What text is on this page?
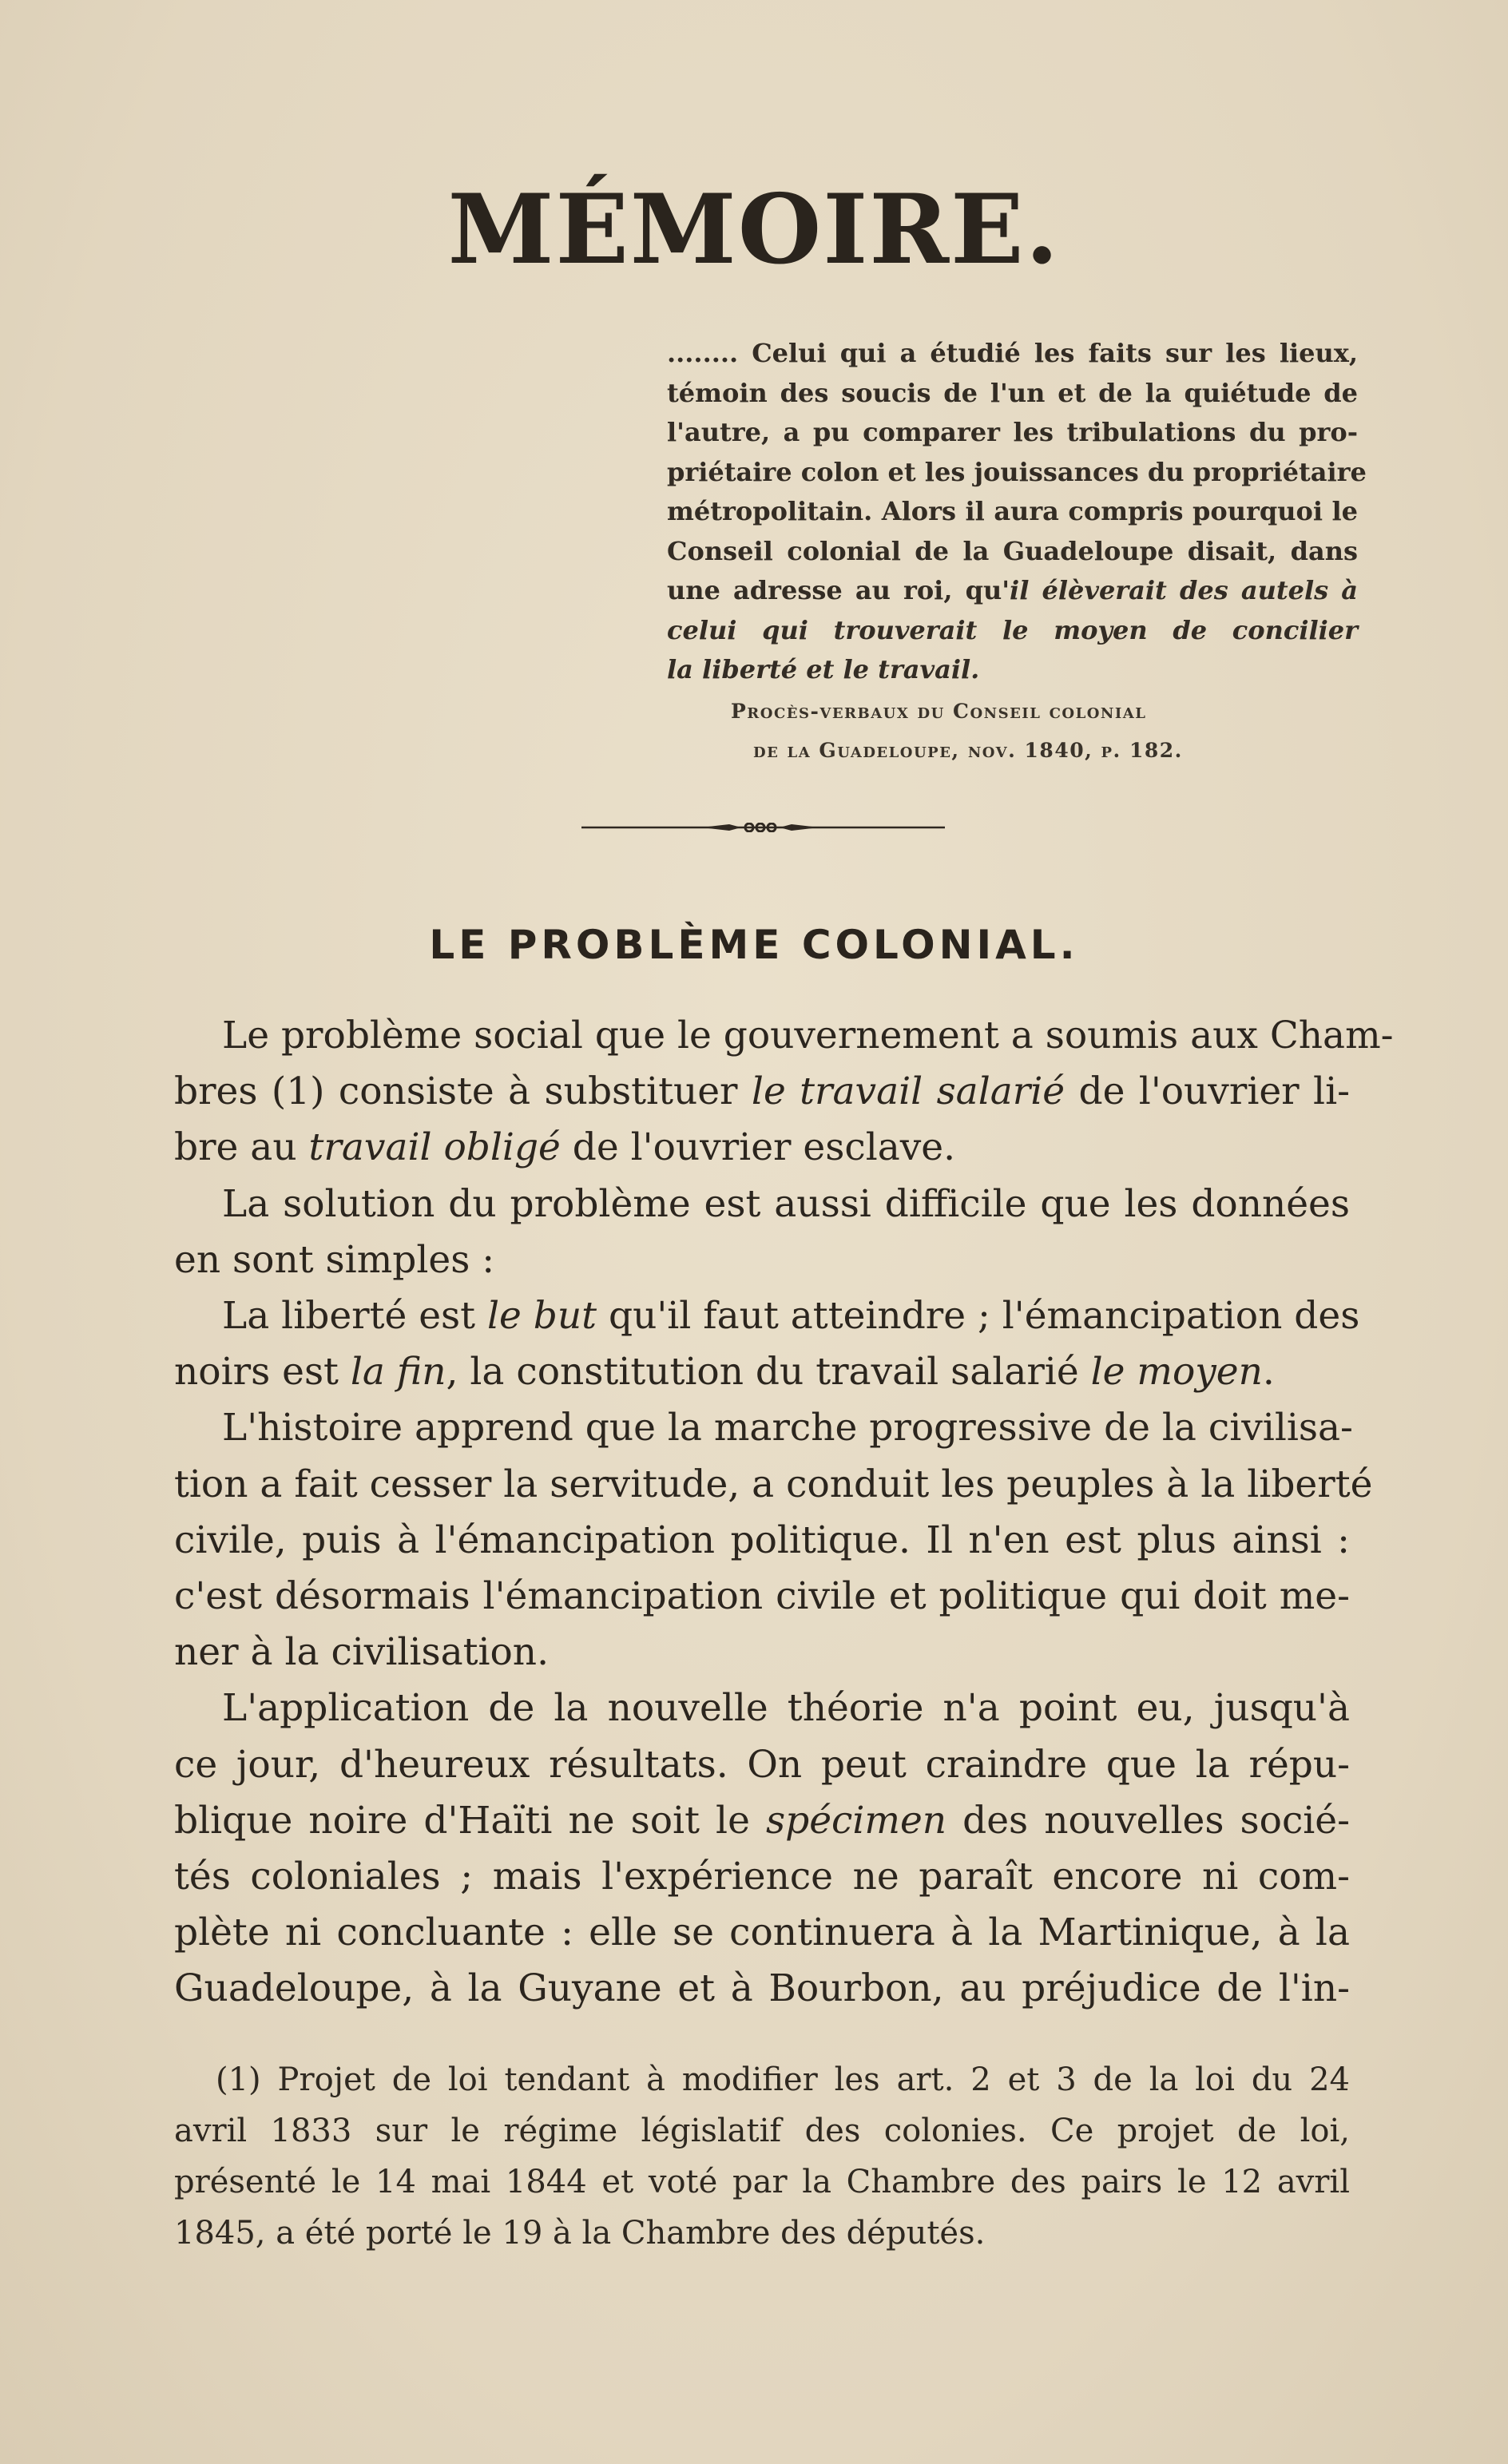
MÉMOIRE.
........ Celui qui a étudié les faits sur les lieux,
témoin des soucis de l'un et de la quiétude de
l'autre, a pu comparer les tribulations du pro-
priétaire colon et les jouissances du propriétaire
métropolitain. Alors il aura compris pourquoi le
Conseil colonial de la Guadeloupe disait, dans
une adresse au roi, qu'il élèverait des autels à
celui qui trouverait le moyen de concilier
la liberté et le travail.
Procès-verbaux du Conseil colonial
de la Guadeloupe, nov. 1840, p. 182.
LE PROBLÈME COLONIAL.
Le problème social que le gouvernement a soumis aux Cham-
bres (1) consiste à substituer le travail salarié de l'ouvrier li-
bre au travail obligé de l'ouvrier esclave.
La solution du problème est aussi difficile que les données
en sont simples :
La liberté est le but qu'il faut atteindre ; l'émancipation des
noirs est la fin, la constitution du travail salarié le moyen.
L'histoire apprend que la marche progressive de la civilisa-
tion a fait cesser la servitude, a conduit les peuples à la liberté
civile, puis à l'émancipation politique. Il n'en est plus ainsi :
c'est désormais l'émancipation civile et politique qui doit me-
ner à la civilisation.
L'application de la nouvelle théorie n'a point eu, jusqu'à
ce jour, d'heureux résultats. On peut craindre que la répu-
blique noire d'Haïti ne soit le spécimen des nouvelles socié-
tés coloniales ; mais l'expérience ne paraît encore ni com-
plète ni concluante : elle se continuera à la Martinique, à la
Guadeloupe, à la Guyane et à Bourbon, au préjudice de l'in-
(1) Projet de loi tendant à modifier les art. 2 et 3 de la loi du 24
avril 1833 sur le régime législatif des colonies. Ce projet de loi,
présenté le 14 mai 1844 et voté par la Chambre des pairs le 12 avril
1845, a été porté le 19 à la Chambre des députés.
